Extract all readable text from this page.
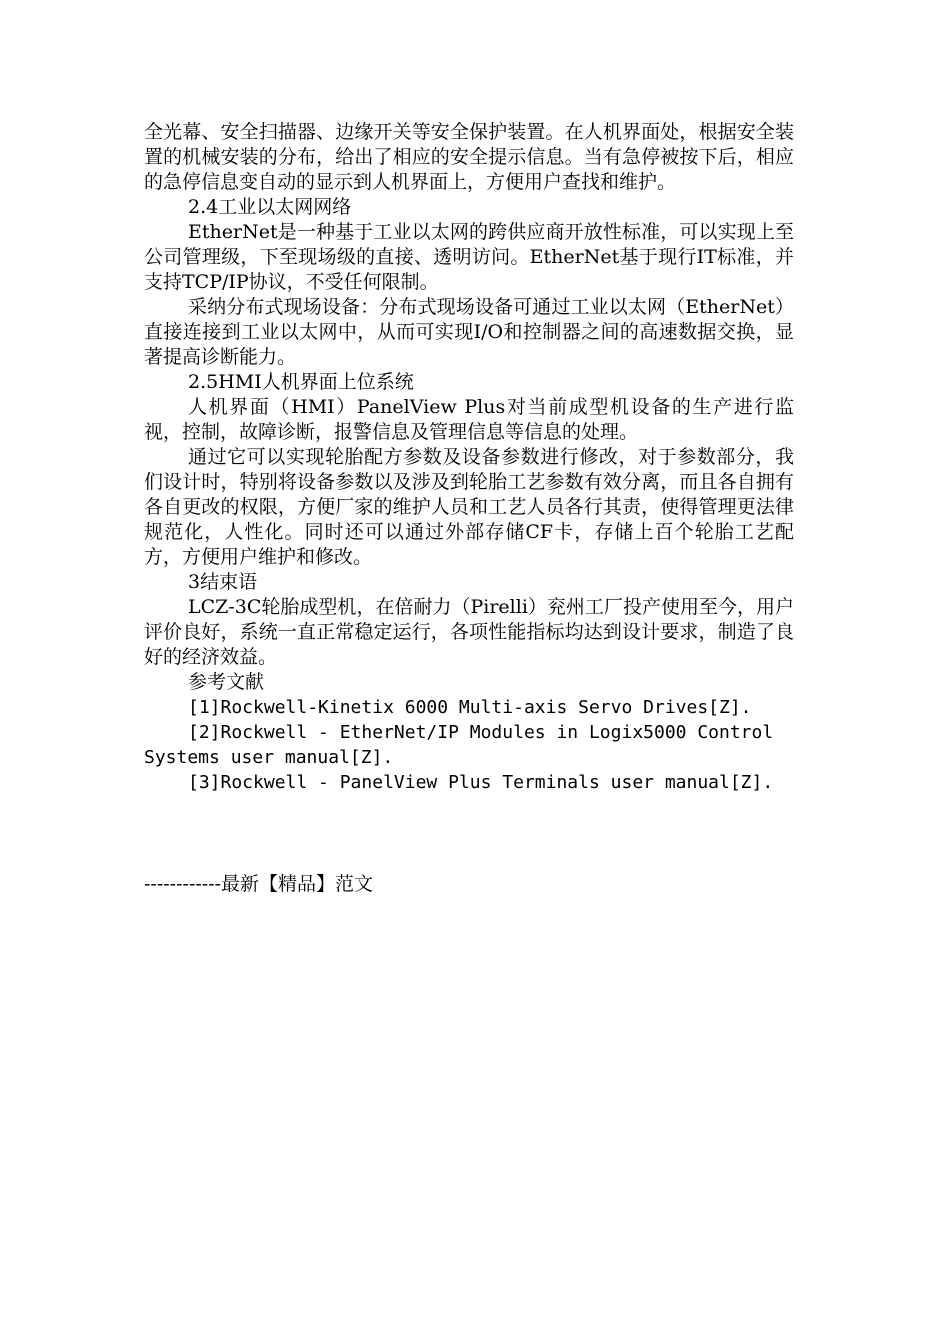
全光幕、安全扫描器、边缘开关等安全保护装置。在人机界面处，根据安全装置的机械安装的分布，给出了相应的安全提示信息。当有急停被按下后，相应的急停信息变自动的显示到人机界面上，方便用户查找和维护。

2.4工业以太网网络

EtherNet是一种基于工业以太网的跨供应商开放性标准，可以实现上至公司管理级，下至现场级的直接、透明访问。EtherNet基于现行IT标准，并支持TCP/IP协议，不受任何限制。

采纳分布式现场设备：分布式现场设备可通过工业以太网（EtherNet）直接连接到工业以太网中，从而可实现I/O和控制器之间的高速数据交换，显著提高诊断能力。

2.5HMI人机界面上位系统

人机界面（HMI）PanelView Plus对当前成型机设备的生产进行监视，控制，故障诊断，报警信息及管理信息等信息的处理。

通过它可以实现轮胎配方参数及设备参数进行修改，对于参数部分，我们设计时，特别将设备参数以及涉及到轮胎工艺参数有效分离，而且各自拥有各自更改的权限，方便厂家的维护人员和工艺人员各行其责，使得管理更法律规范化，人性化。同时还可以通过外部存储CF卡，存储上百个轮胎工艺配方，方便用户维护和修改。

3结束语

LCZ-3C轮胎成型机，在倍耐力（Pirelli）兖州工厂投产使用至今，用户评价良好，系统一直正常稳定运行，各项性能指标均达到设计要求，制造了良好的经济效益。

参考文献

[1]Rockwell-Kinetix 6000 Multi-axis Servo Drives[Z].

[2]Rockwell - EtherNet/IP Modules in Logix5000 Control Systems user manual[Z].

[3]Rockwell - PanelView Plus Terminals user manual[Z].

------------最新【精品】范文
